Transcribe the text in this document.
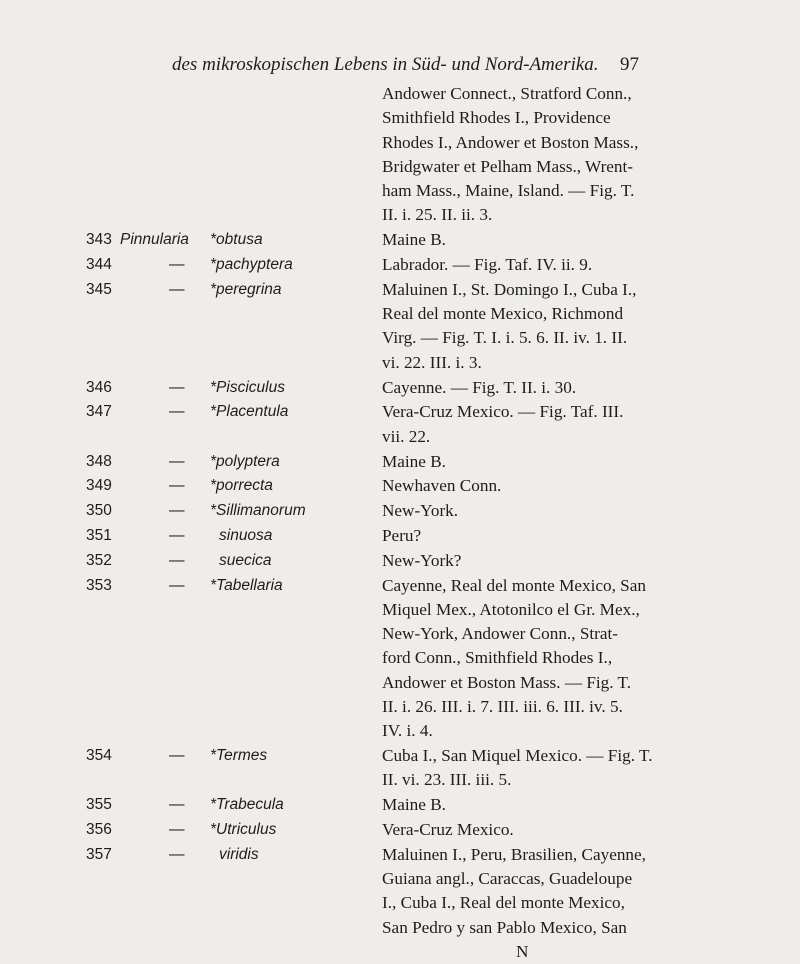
des mikroskopischen Lebens in Süd- und Nord-Amerika.	97
Andower Connect., Stratford Conn.,
Smithfield Rhodes I., Providence
Rhodes I., Andower et Boston Mass.,
Bridgwater et Pelham Mass., Wrent-
ham Mass., Maine, Island. — Fig. T.
II. i. 25. II. ii. 3.
343 Pinnularia *obtusa	Maine B.
344	— *pachyptera	Labrador. — Fig. Taf. IV. ii. 9.
345	— *peregrina	Maluinen I., St. Domingo I., Cuba I.,
Real del monte Mexico, Richmond
Virg. — Fig. T. I. i. 5. 6. II. iv. 1. II.
vi. 22. III. i. 3.
346	— *Pisciculus	Cayenne. — Fig. T. II. i. 30.
347	— *Placentula	Vera-Cruz Mexico. — Fig. Taf. III.
vii. 22.
348	— *polyptera	Maine B.
349	— *porrecta	Newhaven Conn.
350	— *Sillimanorum	New-York.
351	— sinuosa	Peru?
352	— suecica	New-York?
353	— *Tabellaria	Cayenne, Real del monte Mexico, San
Miquel Mex., Atotonilco el Gr. Mex.,
New-York, Andower Conn., Strat-
ford Conn., Smithfield Rhodes I.,
Andower et Boston Mass. — Fig. T.
II. i. 26. III. i. 7. III. iii. 6. III. iv. 5.
IV. i. 4.
354	— *Termes	Cuba I., San Miquel Mexico. — Fig. T.
II. vi. 23. III. iii. 5.
355	— *Trabecula	Maine B.
356	— *Utriculus	Vera-Cruz Mexico.
357	— viridis	Maluinen I., Peru, Brasilien, Cayenne,
Guiana angl., Caraccas, Guadeloupe
I., Cuba I., Real del monte Mexico,
San Pedro y san Pablo Mexico, San
N
